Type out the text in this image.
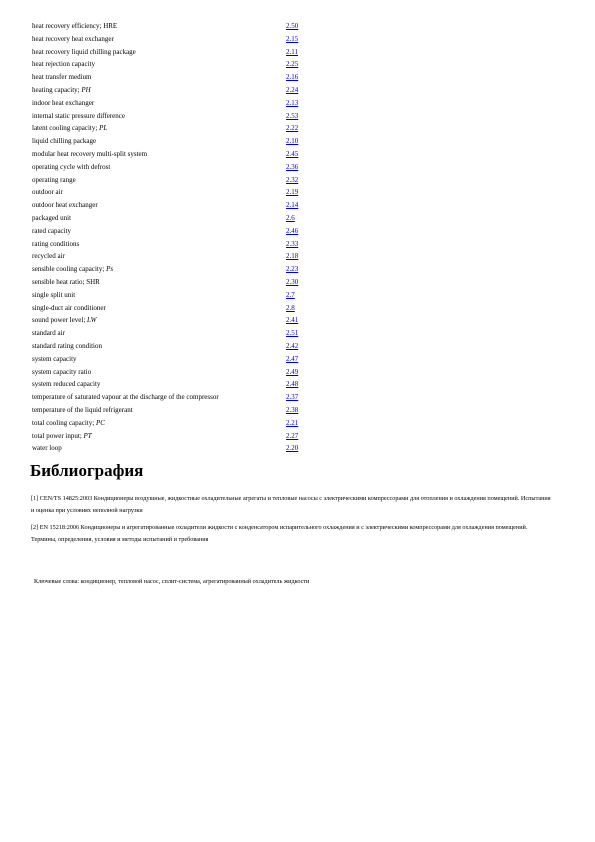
heat recovery efficiency; HRE	2.50
heat recovery heat exchanger	2.15
heat recovery liquid chilling package	2.11
heat rejection capacity	2.25
heat transfer medium	2.16
heating capacity; PH	2.24
indoor heat exchanger	2.13
internal static pressure difference	2.53
latent cooling capacity; PL	2.22
liquid chilling package	2.10
modular heat recovery multi-split system	2.45
operating cycle with defrost	2.36
operating range	2.32
outdoor air	2.19
outdoor heat exchanger	2.14
packaged unit	2.6
rated capacity	2.46
rating conditions	2.33
recycled air	2.18
sensible cooling capacity; Ps	2.23
sensible heat ratio; SHR	2.30
single split unit	2.7
single-duct air conditioner	2.8
sound power level; LW	2.41
standard air	2.51
standard rating condition	2.42
system capacity	2.47
system capacity ratio	2.49
system reduced capacity	2.48
temperature of saturated vapour at the discharge of the compressor	2.37
temperature of the liquid refrigerant	2.38
total cooling capacity; PC	2.21
total power input; PT	2.27
water loop	2.20
Библиография

[1] СЕN/TS 14825:2003 Кондиционеры воздушные, жидкостные охладительные агрегаты и тепловые насосы с электрическими компрессорами для отопления и охлаждения помещений. Испытания и оценка при условиях неполной нагрузки

[2] EN 15218:2006 Кондиционеры и агрегатированные охладители жидкости с конденсатором испарительного охлаждения и с электрическими компрессорами для охлаждения помещений. Термины, определения, условия и методы испытаний и требования

Ключевые слова: кондиционер, тепловой насос, сплит-система, агрегатированный охладитель жидкости
